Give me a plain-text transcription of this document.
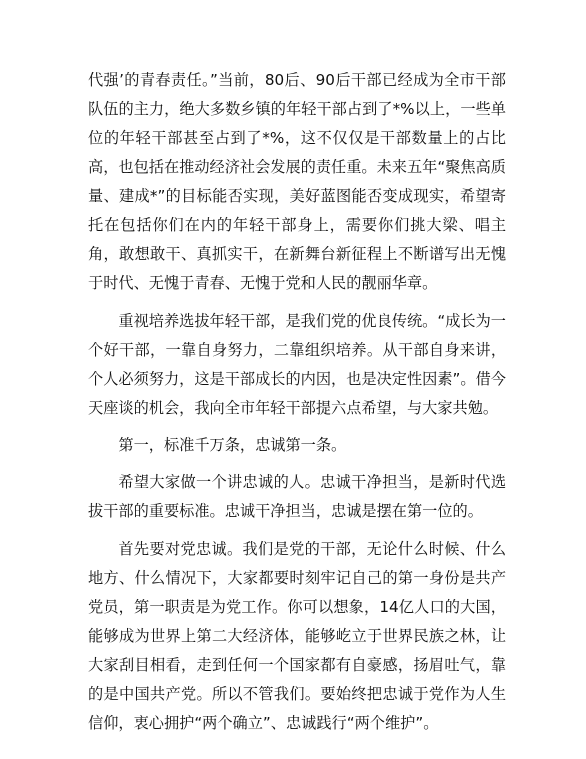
代强’的青春责任。”当前，80后、90后干部已经成为全市干部队伍的主力，绝大多数乡镇的年轻干部占到了*%以上，一些单位的年轻干部甚至占到了*%，这不仅仅是干部数量上的占比高，也包括在推动经济社会发展的责任重。未来五年“聚焦高质量、建成*”的目标能否实现，美好蓝图能否变成现实，希望寄托在包括你们在内的年轻干部身上，需要你们挑大梁、唱主角，敢想敢干、真抓实干，在新舞台新征程上不断谱写出无愧于时代、无愧于青春、无愧于党和人民的靓丽华章。

重视培养选拔年轻干部，是我们党的优良传统。“成长为一个好干部，一靠自身努力，二靠组织培养。从干部自身来讲，个人必须努力，这是干部成长的内因，也是决定性因素”。借今天座谈的机会，我向全市年轻干部提六点希望，与大家共勉。

第一，标准千万条，忠诚第一条。

希望大家做一个讲忠诚的人。忠诚干净担当，是新时代选拔干部的重要标准。忠诚干净担当，忠诚是摆在第一位的。

首先要对党忠诚。我们是党的干部，无论什么时候、什么地方、什么情况下，大家都要时刻牢记自己的第一身份是共产党员，第一职责是为党工作。你可以想象，14亿人口的大国，能够成为世界上第二大经济体，能够屹立于世界民族之林，让大家刮目相看，走到任何一个国家都有自豪感，扬眉吐气，靠的是中国共产党。所以不管我们。要始终把忠诚于党作为人生信仰，衷心拥护“两个确立”、忠诚践行“两个维护”。
